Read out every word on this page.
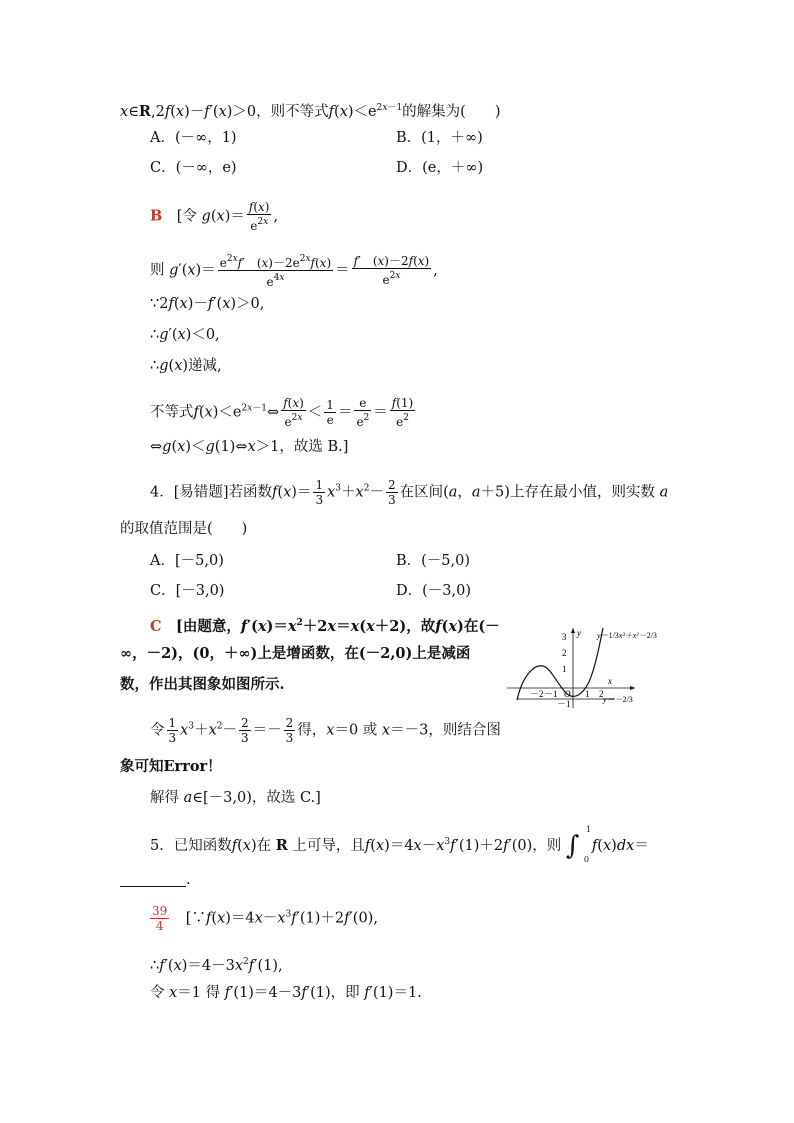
x∈R,2f(x)－f′(x)＞0，则不等式$f(x)<e^{2x-1}$的解集为(　　)
A．(－∞，1)	B．(1，＋∞)
C．(－∞，e)	D．(e，＋∞)
B　[令 $g(x)= \frac{f(x)}{e^{2x}}$ ,
则 $g'(x)= \frac{e^{2x}f' (x)-2e^{2x}f(x)}{e^{4x}} = \frac{f' (x)-2f(x)}{e^{2x}}$ ,
∵2f(x)－f′(x)＞0,
∴g′(x)＜0,
∴g(x)递减,
不等式$f(x)<e^{2x-1}\Leftrightarrow \frac{f(x)}{e^{2x}} < \frac{1}{e} = \frac{e}{e^2} = \frac{f(1)}{e^2}$
⇔g(x)＜g(1)⇔x＞1，故选 B.]
4．[易错题]若函数$f(x)= \frac{1}{3} x^3+x^2- \frac{2}{3}$ 在区间(a，a＋5)上存在最小值，则实数 a
的取值范围是(　　)
A．[－5,0)	B．(－5,0)
C．[－3,0)	D．(－3,0)
C　[由题意，$f'(x)=x^2+2x=x(x+2)$，故f(x)在(－
∞，－2)，(0，＋∞)上是增函数，在(－2,0)上是减函
数，作出其图象如图所示.
令 $\frac{1}{3} x^3+x^2- \frac{2}{3} =- \frac{2}{3}$ 得，x＝0 或 x＝－3，则结合图
象可知Error！
解得 a∈[－3,0)，故选 C.]
y
x
3
2
1
－1
－2 －1 O 1 2
y＝1/3x³＋x²－2/3
y＝－2/3
5．已知函数f(x)在 R 上可导，且$f(x)=4x-x^3f'(1)+2f'(0)$，则 ∫
1
0
f(x)dx＝
.
$\frac{39}{4}$ 　[$\because f(x)=4x-x^3f'(1)+2f'(0)$,
$\therefore f'(x)=4-3x^2f'(1)$,
令 x＝1 得 f′(1)＝4－3f′(1)，即 f′(1)＝1.
